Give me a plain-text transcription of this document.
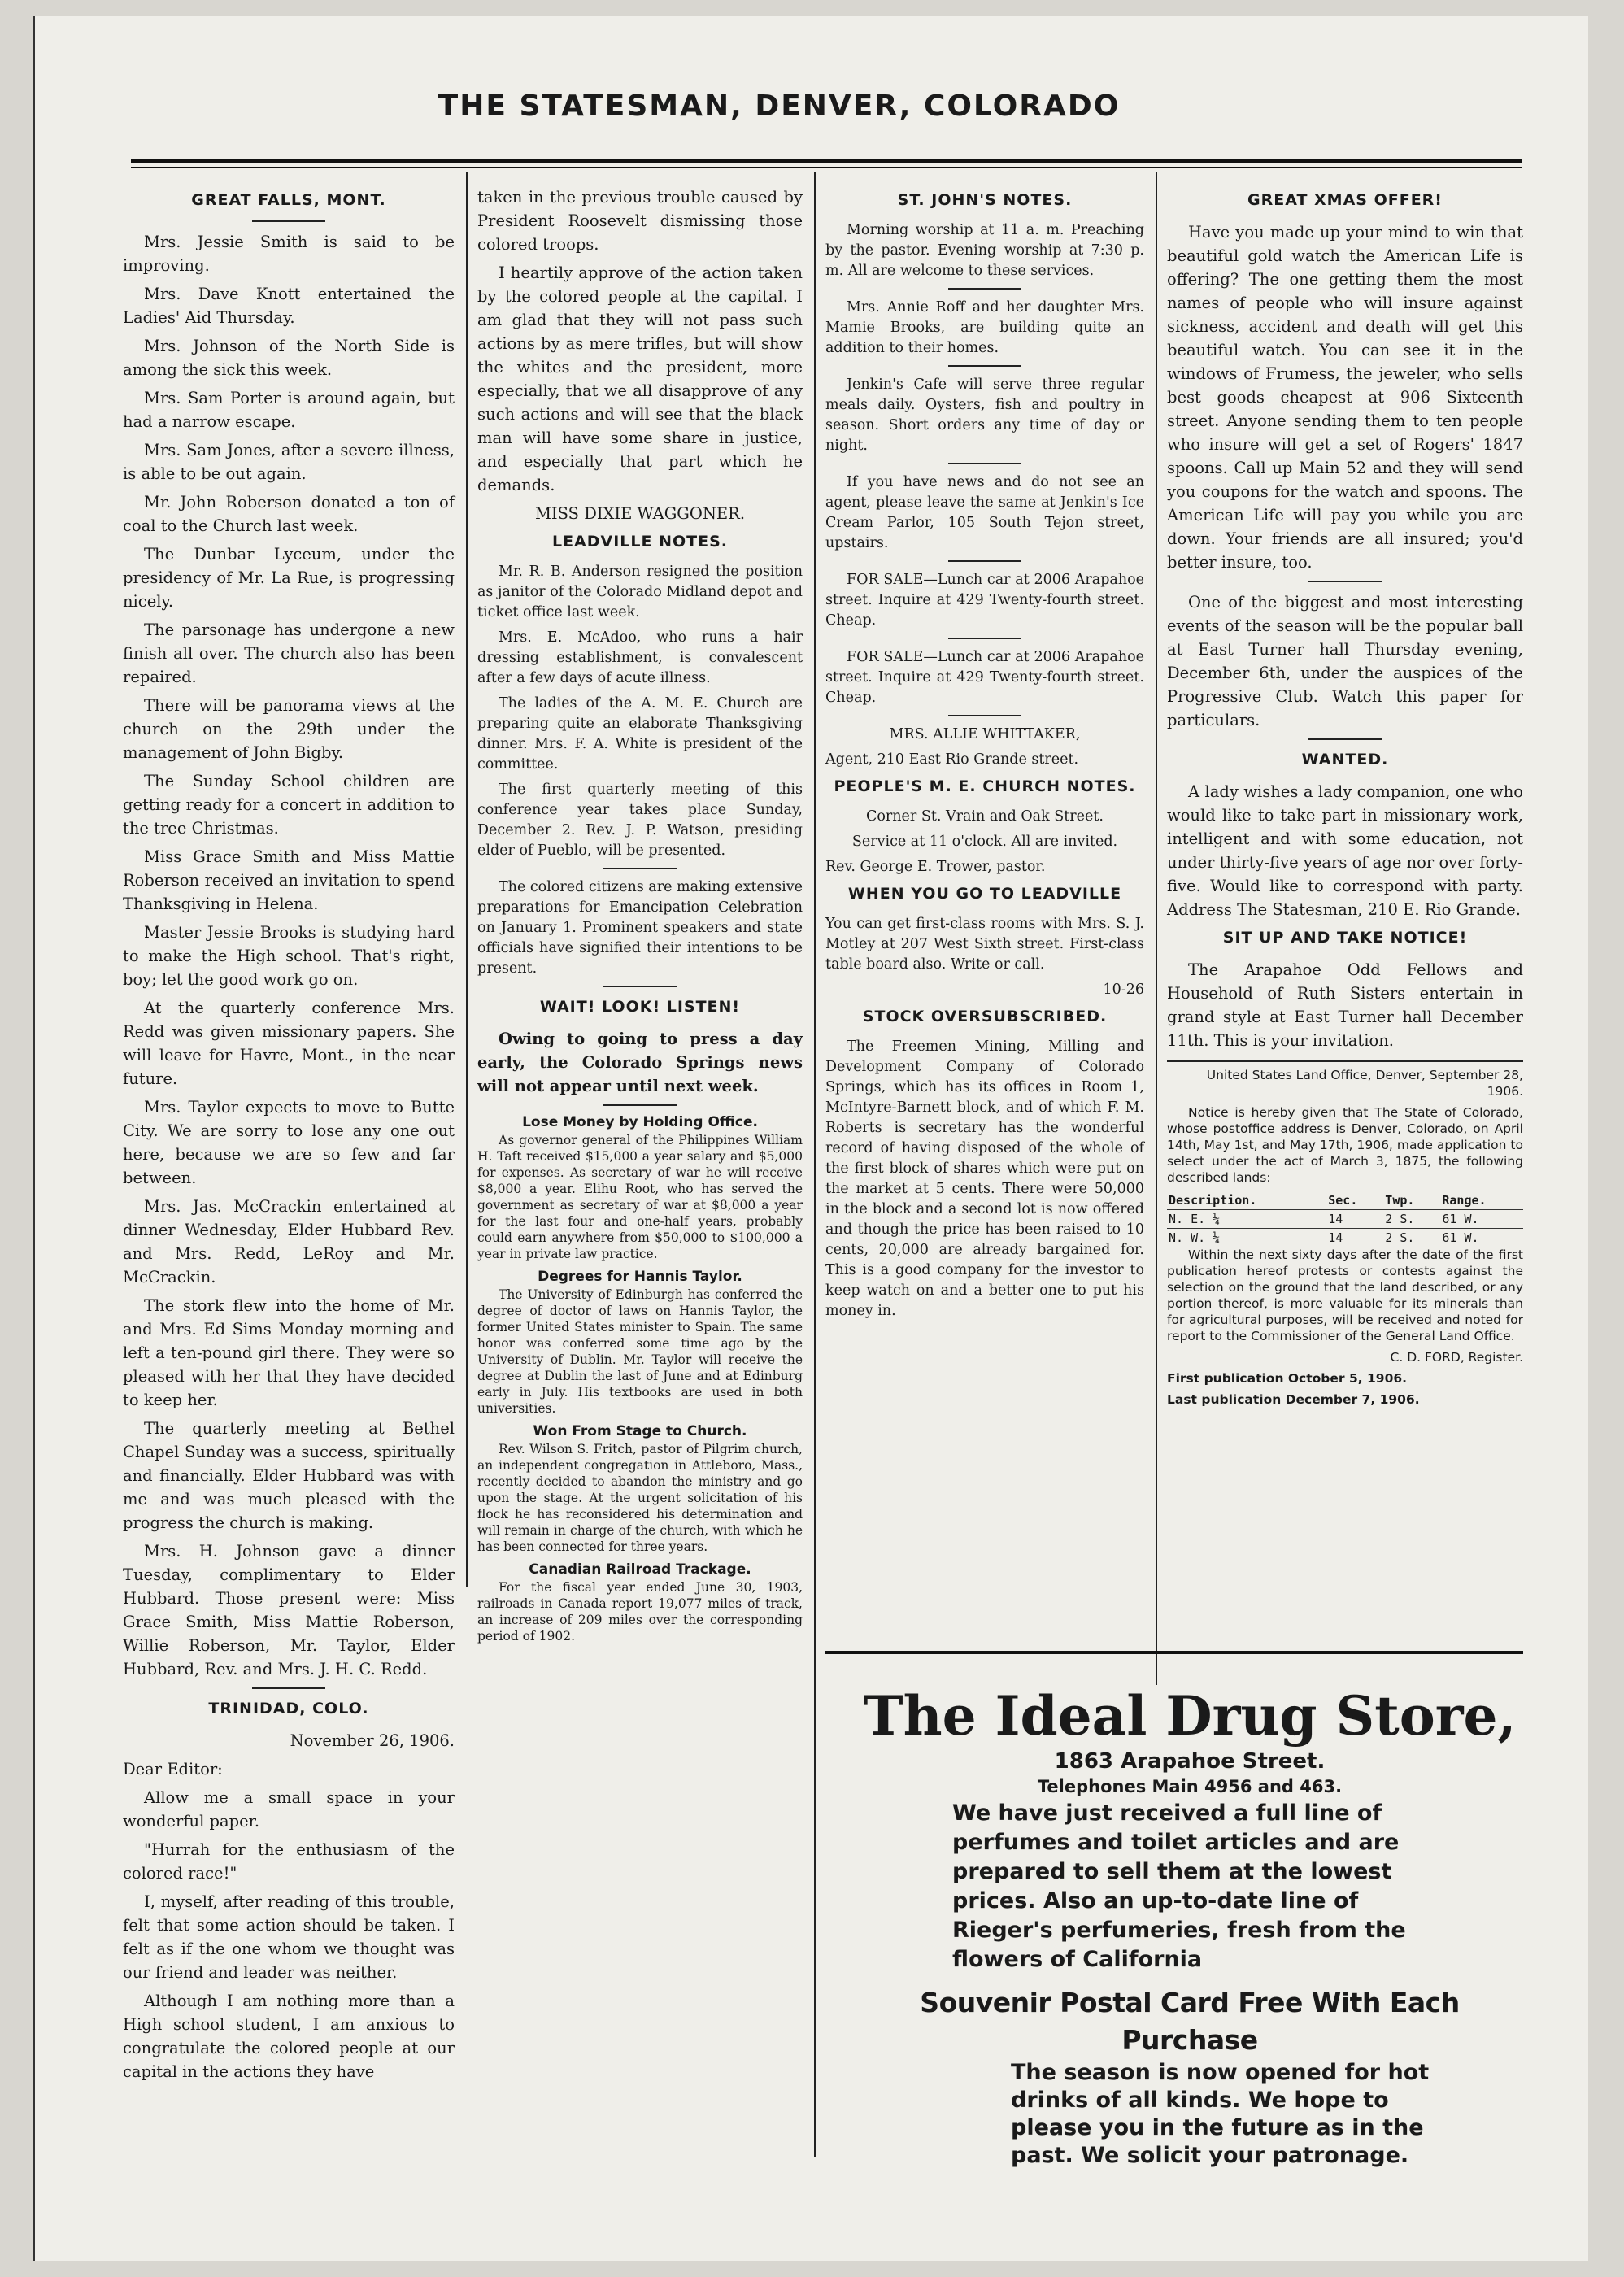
THE STATESMAN, DENVER, COLORADO
GREAT FALLS, MONT.

Mrs. Jessie Smith is said to be improving.

Mrs. Dave Knott entertained the Ladies' Aid Thursday.

Mrs. Johnson of the North Side is among the sick this week.

Mrs. Sam Porter is around again, but had a narrow escape.

Mrs. Sam Jones, after a severe illness, is able to be out again.

Mr. John Roberson donated a ton of coal to the Church last week.

The Dunbar Lyceum, under the presidency of Mr. La Rue, is progressing nicely.

The parsonage has undergone a new finish all over. The church also has been repaired.

There will be panorama views at the church on the 29th under the management of John Bigby.

The Sunday School children are getting ready for a concert in addition to the tree Christmas.

Miss Grace Smith and Miss Mattie Roberson received an invitation to spend Thanksgiving in Helena.

Master Jessie Brooks is studying hard to make the High school. That's right, boy; let the good work go on.

At the quarterly conference Mrs. Redd was given missionary papers. She will leave for Havre, Mont., in the near future.

Mrs. Taylor expects to move to Butte City. We are sorry to lose any one out here, because we are so few and far between.

Mrs. Jas. McCrackin entertained at dinner Wednesday, Elder Hubbard Rev. and Mrs. Redd, LeRoy and Mr. McCrackin.

The stork flew into the home of Mr. and Mrs. Ed Sims Monday morning and left a ten-pound girl there. They were so pleased with her that they have decided to keep her.

The quarterly meeting at Bethel Chapel Sunday was a success, spiritually and financially. Elder Hubbard was with me and was much pleased with the progress the church is making.

Mrs. H. Johnson gave a dinner Tuesday, complimentary to Elder Hubbard. Those present were: Miss Grace Smith, Miss Mattie Roberson, Willie Roberson, Mr. Taylor, Elder Hubbard, Rev. and Mrs. J. H. C. Redd.

TRINIDAD, COLO.

November 26, 1906.

Dear Editor:

Allow me a small space in your wonderful paper.

"Hurrah for the enthusiasm of the colored race!"

I, myself, after reading of this trouble, felt that some action should be taken. I felt as if the one whom we thought was our friend and leader was neither.

Although I am nothing more than a High school student, I am anxious to congratulate the colored people at our capital in the actions they have

taken in the previous trouble caused by President Roosevelt dismissing those colored troops.

I heartily approve of the action taken by the colored people at the capital. I am glad that they will not pass such actions by as mere trifles, but will show the whites and the president, more especially, that we all disapprove of any such actions and will see that the black man will have some share in justice, and especially that part which he demands.

MISS DIXIE WAGGONER.

LEADVILLE NOTES.

Mr. R. B. Anderson resigned the position as janitor of the Colorado Midland depot and ticket office last week.

Mrs. E. McAdoo, who runs a hair dressing establishment, is convalescent after a few days of acute illness.

The ladies of the A. M. E. Church are preparing quite an elaborate Thanksgiving dinner. Mrs. F. A. White is president of the committee.

The first quarterly meeting of this conference year takes place Sunday, December 2. Rev. J. P. Watson, presiding elder of Pueblo, will be presented.

The colored citizens are making extensive preparations for Emancipation Celebration on January 1. Prominent speakers and state officials have signified their intentions to be present.

WAIT! LOOK! LISTEN!

Owing to going to press a day early, the Colorado Springs news will not appear until next week.

Lose Money by Holding Office.

As governor general of the Philippines William H. Taft received $15,000 a year salary and $5,000 for expenses. As secretary of war he will receive $8,000 a year. Elihu Root, who has served the government as secretary of war at $8,000 a year for the last four and one-half years, probably could earn anywhere from $50,000 to $100,000 a year in private law practice.

Degrees for Hannis Taylor.

The University of Edinburgh has conferred the degree of doctor of laws on Hannis Taylor, the former United States minister to Spain. The same honor was conferred some time ago by the University of Dublin. Mr. Taylor will receive the degree at Dublin the last of June and at Edinburg early in July. His textbooks are used in both universities.

Won From Stage to Church.

Rev. Wilson S. Fritch, pastor of Pilgrim church, an independent congregation in Attleboro, Mass., recently decided to abandon the ministry and go upon the stage. At the urgent solicitation of his flock he has reconsidered his determination and will remain in charge of the church, with which he has been connected for three years.

Canadian Railroad Trackage.

For the fiscal year ended June 30, 1903, railroads in Canada report 19,077 miles of track, an increase of 209 miles over the corresponding period of 1902.

ST. JOHN'S NOTES.

Morning worship at 11 a. m. Preaching by the pastor. Evening worship at 7:30 p. m. All are welcome to these services.

Mrs. Annie Roff and her daughter Mrs. Mamie Brooks, are building quite an addition to their homes.

Jenkin's Cafe will serve three regular meals daily. Oysters, fish and poultry in season. Short orders any time of day or night.

If you have news and do not see an agent, please leave the same at Jenkin's Ice Cream Parlor, 105 South Tejon street, upstairs.

FOR SALE—Lunch car at 2006 Arapahoe street. Inquire at 429 Twenty-fourth street. Cheap.

FOR SALE—Lunch car at 2006 Arapahoe street. Inquire at 429 Twenty-fourth street. Cheap.

MRS. ALLIE WHITTAKER,

Agent, 210 East Rio Grande street.

PEOPLE'S M. E. CHURCH NOTES.

Corner St. Vrain and Oak Street.

Service at 11 o'clock. All are invited.

Rev. George E. Trower, pastor.

WHEN YOU GO TO LEADVILLE

You can get first-class rooms with Mrs. S. J. Motley at 207 West Sixth street. First-class table board also. Write or call.

10-26

STOCK OVERSUBSCRIBED.

The Freemen Mining, Milling and Development Company of Colorado Springs, which has its offices in Room 1, McIntyre-Barnett block, and of which F. M. Roberts is secretary has the wonderful record of having disposed of the whole of the first block of shares which were put on the market at 5 cents. There were 50,000 in the block and a second lot is now offered and though the price has been raised to 10 cents, 20,000 are already bargained for. This is a good company for the investor to keep watch on and a better one to put his money in.

GREAT XMAS OFFER!

Have you made up your mind to win that beautiful gold watch the American Life is offering? The one getting them the most names of people who will insure against sickness, accident and death will get this beautiful watch. You can see it in the windows of Frumess, the jeweler, who sells best goods cheapest at 906 Sixteenth street. Anyone sending them to ten people who insure will get a set of Rogers' 1847 spoons. Call up Main 52 and they will send you coupons for the watch and spoons. The American Life will pay you while you are down. Your friends are all insured; you'd better insure, too.

One of the biggest and most interesting events of the season will be the popular ball at East Turner hall Thursday evening, December 6th, under the auspices of the Progressive Club. Watch this paper for particulars.

WANTED.

A lady wishes a lady companion, one who would like to take part in missionary work, intelligent and with some education, not under thirty-five years of age nor over forty-five. Would like to correspond with party. Address The Statesman, 210 E. Rio Grande.

SIT UP AND TAKE NOTICE!

The Arapahoe Odd Fellows and Household of Ruth Sisters entertain in grand style at East Turner hall December 11th. This is your invitation.

United States Land Office, Denver, September 28, 1906.

Notice is hereby given that The State of Colorado, whose postoffice address is Denver, Colorado, on April 14th, May 1st, and May 17th, 1906, made application to select under the act of March 3, 1875, the following described lands:

Description.	Sec.	Twp.	Range.
N. E. ¼	14	2 S.	61 W.
N. W. ¼	14	2 S.	61 W.

Within the next sixty days after the date of the first publication hereof protests or contests against the selection on the ground that the land described, or any portion thereof, is more valuable for its minerals than for agricultural purposes, will be received and noted for report to the Commissioner of the General Land Office.

C. D. FORD, Register.

First publication October 5, 1906.

Last publication December 7, 1906.

The Ideal Drug Store,
1863 Arapahoe Street.
Telephones Main 4956 and 463.
We have just received a full line of perfumes and toilet articles and are prepared to sell them at the lowest prices. Also an up-to-date line of Rieger's perfumeries, fresh from the flowers of California
Souvenir Postal Card Free With Each Purchase
The season is now opened for hot drinks of all kinds. We hope to please you in the future as in the past. We solicit your patronage.
